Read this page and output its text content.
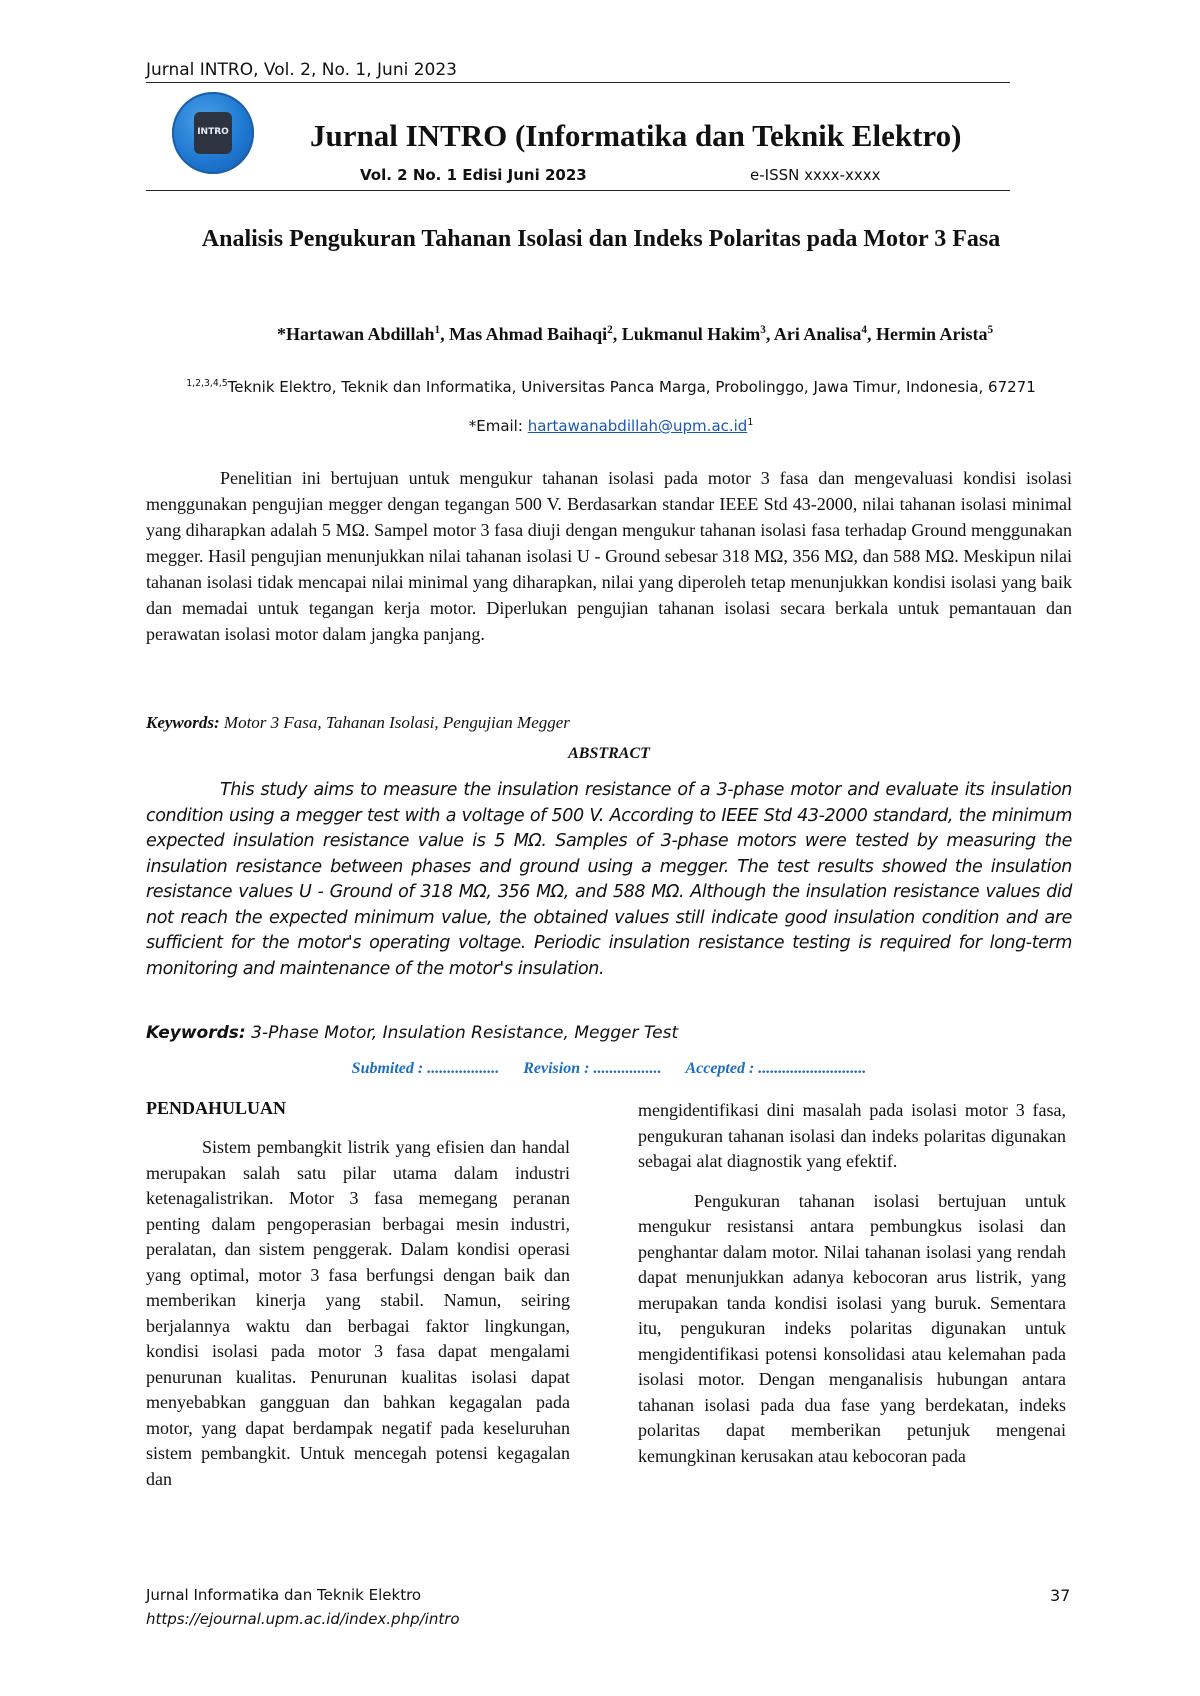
Jurnal INTRO, Vol. 2, No. 1, Juni 2023
INTRO	Jurnal INTRO (Informatika dan Teknik Elektro)
Vol. 2 No. 1 Edisi Juni 2023	e-ISSN xxxx-xxxx
Analisis Pengukuran Tahanan Isolasi dan Indeks Polaritas pada Motor 3 Fasa
*Hartawan Abdillah$^1$, Mas Ahmad Baihaqi$^2$, Lukmanul Hakim$^3$, Ari Analisa$^4$, Hermin Arista$^5$
$^{1,2,3,4,5}$Teknik Elektro, Teknik dan Informatika, Universitas Panca Marga, Probolinggo, Jawa Timur, Indonesia, 67271
*Email: $hartawanabdillah@upm.ac.id^1$
Penelitian ini bertujuan untuk mengukur tahanan isolasi pada motor 3 fasa dan mengevaluasi kondisi isolasi menggunakan pengujian megger dengan tegangan 500 V. Berdasarkan standar IEEE Std 43-2000, nilai tahanan isolasi minimal yang diharapkan adalah 5 MΩ. Sampel motor 3 fasa diuji dengan mengukur tahanan isolasi fasa terhadap Ground menggunakan megger. Hasil pengujian menunjukkan nilai tahanan isolasi U - Ground sebesar 318 MΩ, 356 MΩ, dan 588 MΩ. Meskipun nilai tahanan isolasi tidak mencapai nilai minimal yang diharapkan, nilai yang diperoleh tetap menunjukkan kondisi isolasi yang baik dan memadai untuk tegangan kerja motor. Diperlukan pengujian tahanan isolasi secara berkala untuk pemantauan dan perawatan isolasi motor dalam jangka panjang.
Keywords: Motor 3 Fasa, Tahanan Isolasi, Pengujian Megger
ABSTRACT
This study aims to measure the insulation resistance of a 3-phase motor and evaluate its insulation condition using a megger test with a voltage of 500 V. According to IEEE Std 43-2000 standard, the minimum expected insulation resistance value is 5 MΩ. Samples of 3-phase motors were tested by measuring the insulation resistance between phases and ground using a megger. The test results showed the insulation resistance values U - Ground of 318 MΩ, 356 MΩ, and 588 MΩ. Although the insulation resistance values did not reach the expected minimum value, the obtained values still indicate good insulation condition and are sufficient for the motor's operating voltage. Periodic insulation resistance testing is required for long-term monitoring and maintenance of the motor's insulation.
Keywords: 3-Phase Motor, Insulation Resistance, Megger Test
Submited : .................. Revision : ................. Accepted : ...........................
PENDAHULUAN

Sistem pembangkit listrik yang efisien dan handal merupakan salah satu pilar utama dalam industri ketenagalistrikan. Motor 3 fasa memegang peranan penting dalam pengoperasian berbagai mesin industri, peralatan, dan sistem penggerak. Dalam kondisi operasi yang optimal, motor 3 fasa berfungsi dengan baik dan memberikan kinerja yang stabil. Namun, seiring berjalannya waktu dan berbagai faktor lingkungan, kondisi isolasi pada motor 3 fasa dapat mengalami penurunan kualitas. Penurunan kualitas isolasi dapat menyebabkan gangguan dan bahkan kegagalan pada motor, yang dapat berdampak negatif pada keseluruhan sistem pembangkit. Untuk mencegah potensi kegagalan dan

mengidentifikasi dini masalah pada isolasi motor 3 fasa, pengukuran tahanan isolasi dan indeks polaritas digunakan sebagai alat diagnostik yang efektif.

Pengukuran tahanan isolasi bertujuan untuk mengukur resistansi antara pembungkus isolasi dan penghantar dalam motor. Nilai tahanan isolasi yang rendah dapat menunjukkan adanya kebocoran arus listrik, yang merupakan tanda kondisi isolasi yang buruk. Sementara itu, pengukuran indeks polaritas digunakan untuk mengidentifikasi potensi konsolidasi atau kelemahan pada isolasi motor. Dengan menganalisis hubungan antara tahanan isolasi pada dua fase yang berdekatan, indeks polaritas dapat memberikan petunjuk mengenai kemungkinan kerusakan atau kebocoran pada

Jurnal Informatika dan Teknik Elektro
https://ejournal.upm.ac.id/index.php/intro
37
